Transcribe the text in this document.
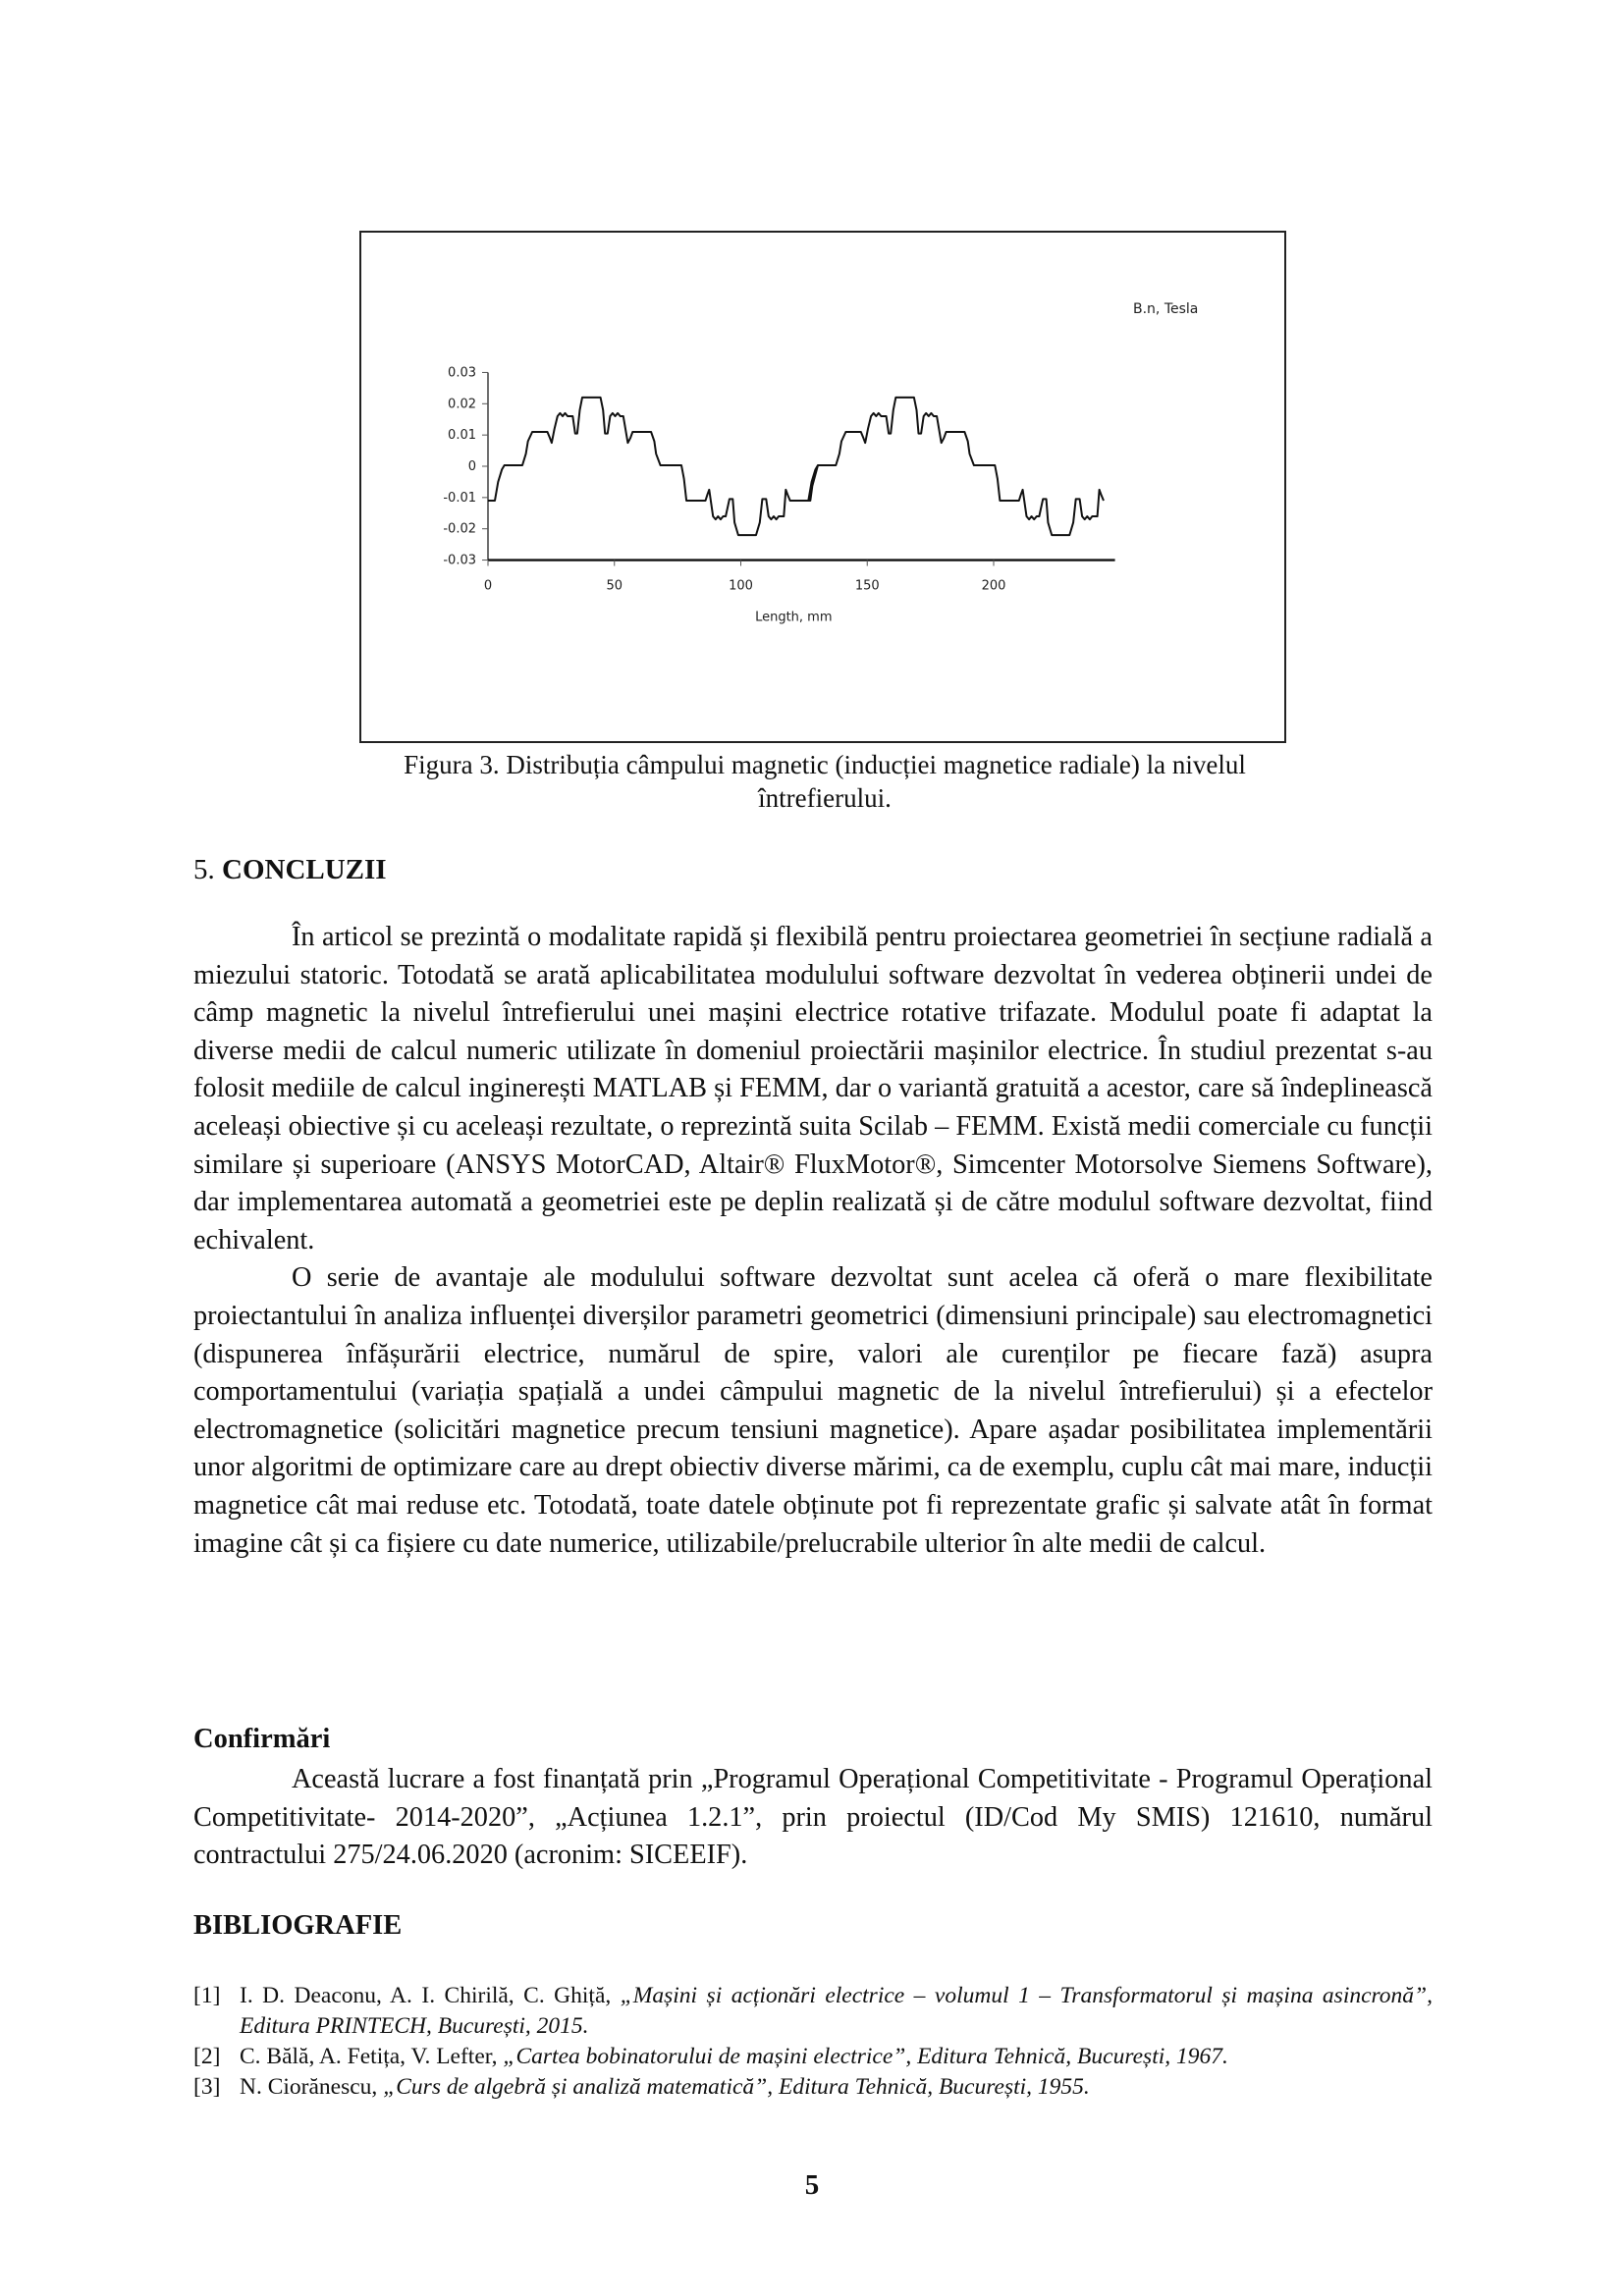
0.03
0.02
0.01
0
-0.01
-0.02
-0.03
0	50	100	150	200
B.n, Tesla
Length, mm
Figura 3. Distribuția câmpului magnetic (inducției magnetice radiale) la nivelul
întrefierului.
5. CONCLUZII

În articol se prezintă o modalitate rapidă și flexibilă pentru proiectarea geometriei în secțiune radială a miezului statoric. Totodată se arată aplicabilitatea modulului software dezvoltat în vederea obținerii undei de câmp magnetic la nivelul întrefierului unei mașini electrice rotative trifazate. Modulul poate fi adaptat la diverse medii de calcul numeric utilizate în domeniul proiectării mașinilor electrice. În studiul prezentat s-au folosit mediile de calcul inginerești MATLAB și FEMM, dar o variantă gratuită a acestor, care să îndeplinească aceleași obiective și cu aceleași rezultate, o reprezintă suita Scilab – FEMM. Există medii comerciale cu funcții similare și superioare (ANSYS MotorCAD, Altair® FluxMotor®, Simcenter Motorsolve Siemens Software), dar implementarea automată a geometriei este pe deplin realizată și de către modulul software dezvoltat, fiind echivalent.

O serie de avantaje ale modulului software dezvoltat sunt acelea că oferă o mare flexibilitate proiectantului în analiza influenței diverșilor parametri geometrici (dimensiuni principale) sau electromagnetici (dispunerea înfășurării electrice, numărul de spire, valori ale curenților pe fiecare fază) asupra comportamentului (variația spațială a undei câmpului magnetic de la nivelul întrefierului) și a efectelor electromagnetice (solicitări magnetice precum tensiuni magnetice). Apare așadar posibilitatea implementării unor algoritmi de optimizare care au drept obiectiv diverse mărimi, ca de exemplu, cuplu cât mai mare, inducții magnetice cât mai reduse etc. Totodată, toate datele obținute pot fi reprezentate grafic și salvate atât în format imagine cât și ca fișiere cu date numerice, utilizabile/prelucrabile ulterior în alte medii de calcul.

Confirmări

Această lucrare a fost finanțată prin „Programul Operațional Competitivitate - Programul Operațional Competitivitate- 2014-2020”, „Acțiunea 1.2.1”, prin proiectul (ID/Cod My SMIS) 121610, numărul contractului 275/24.06.2020 (acronim: SICEEIF).

BIBLIOGRAFIE
[1] I. D. Deaconu, A. I. Chirilă, C. Ghiță, „Mașini și acționări electrice – volumul 1 – Transformatorul și mașina asincronă”, Editura PRINTECH, București, 2015.
[2] C. Bălă, A. Fetița, V. Lefter, „Cartea bobinatorului de mașini electrice”, Editura Tehnică, București, 1967.
[3] N. Ciorănescu, „Curs de algebră și analiză matematică”, Editura Tehnică, București, 1955.
5
